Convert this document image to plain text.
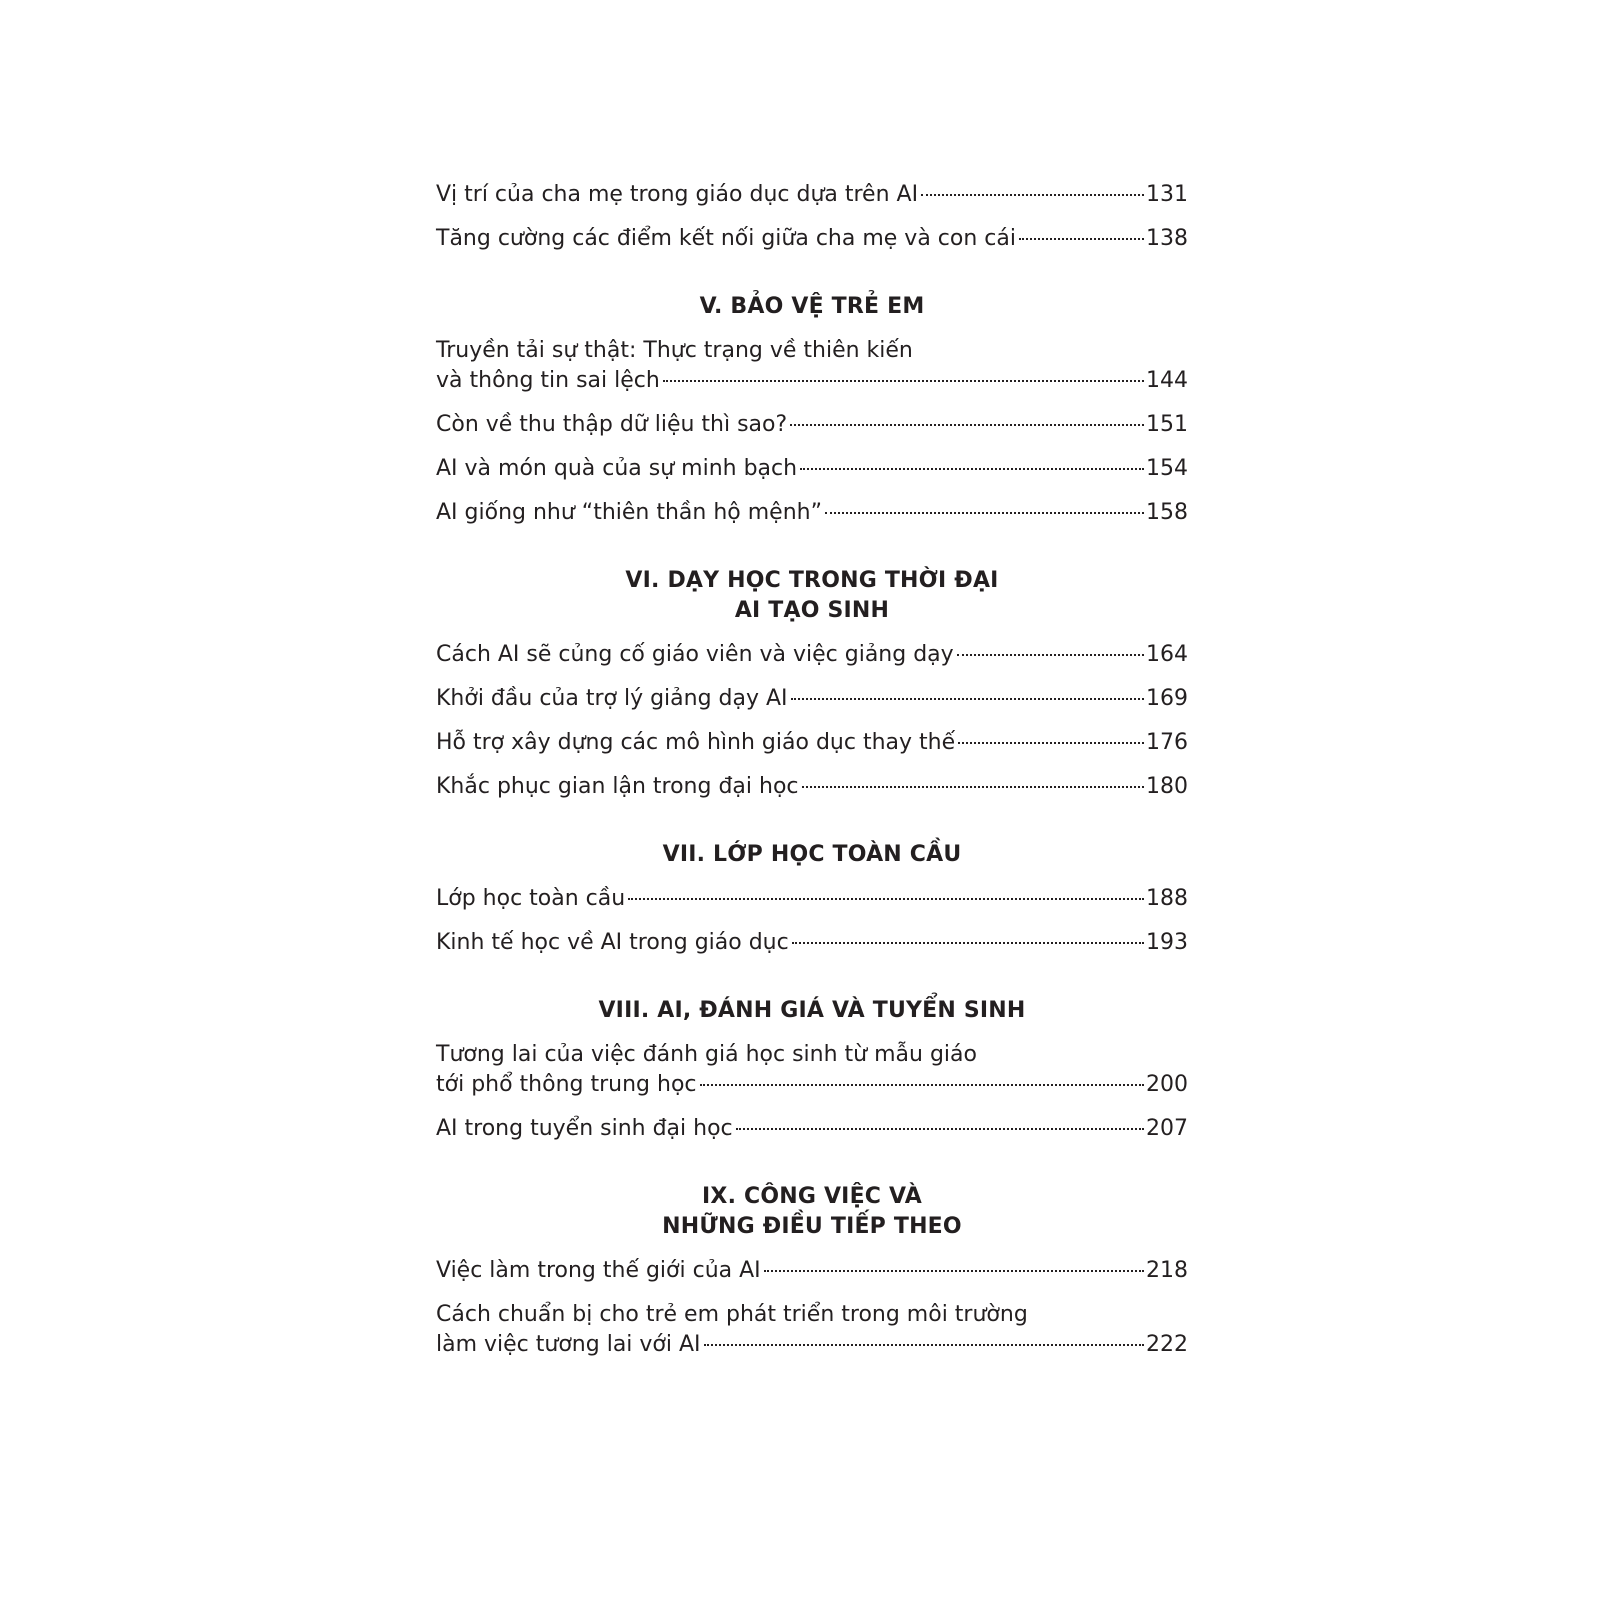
Vị trí của cha mẹ trong giáo dục dựa trên AI	131
Tăng cường các điểm kết nối giữa cha mẹ và con cái	138
V. BẢO VỆ TRẺ EM
Truyền tải sự thật: Thực trạng về thiên kiến
và thông tin sai lệch	144
Còn về thu thập dữ liệu thì sao?	151
AI và món quà của sự minh bạch	154
AI giống như “thiên thần hộ mệnh”	158
VI. DẠY HỌC TRONG THỜI ĐẠI
AI TẠO SINH
Cách AI sẽ củng cố giáo viên và việc giảng dạy	164
Khởi đầu của trợ lý giảng dạy AI	169
Hỗ trợ xây dựng các mô hình giáo dục thay thế	176
Khắc phục gian lận trong đại học	180
VII. LỚP HỌC TOÀN CẦU
Lớp học toàn cầu	188
Kinh tế học về AI trong giáo dục	193
VIII. AI, ĐÁNH GIÁ VÀ TUYỂN SINH
Tương lai của việc đánh giá học sinh từ mẫu giáo
tới phổ thông trung học	200
AI trong tuyển sinh đại học	207
IX. CÔNG VIỆC VÀ
NHỮNG ĐIỀU TIẾP THEO
Việc làm trong thế giới của AI	218
Cách chuẩn bị cho trẻ em phát triển trong môi trường
làm việc tương lai với AI	222
